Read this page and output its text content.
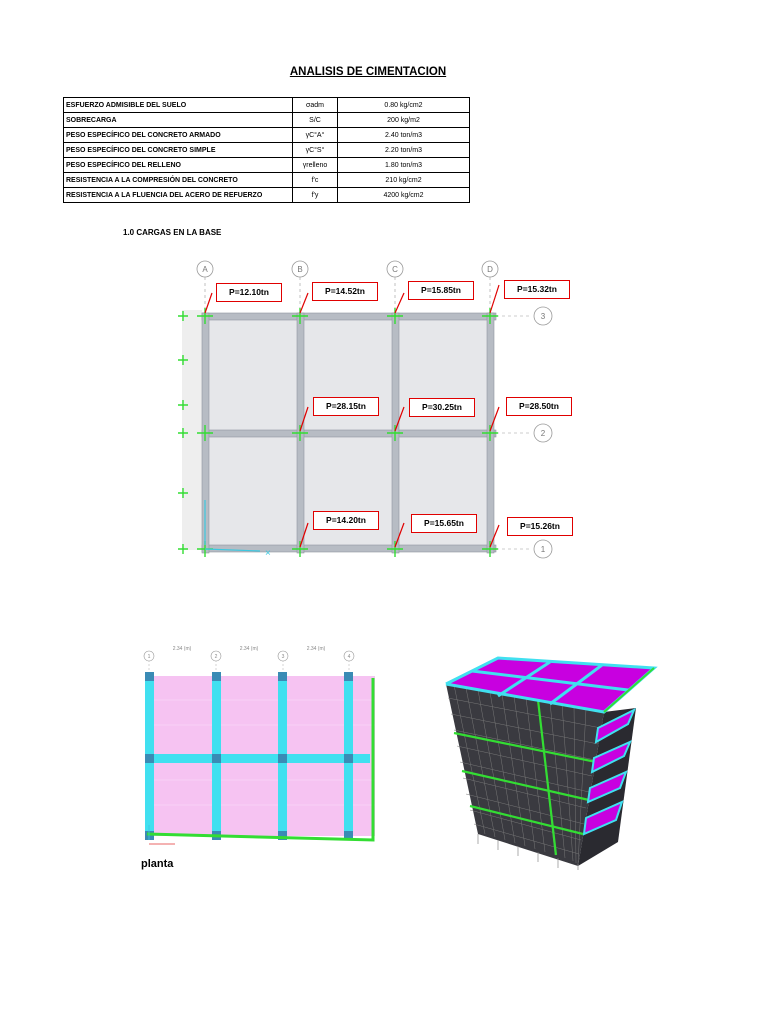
ANALISIS DE CIMENTACION
ESFUERZO ADMISIBLE DEL SUELO	σadm	0.80 kg/cm2
SOBRECARGA	S/C	200 kg/m2
PESO ESPECÍFICO DEL CONCRETO ARMADO	γC°A°	2.40 ton/m3
PESO ESPECÍFICO DEL CONCRETO SIMPLE	γC°S°	2.20 ton/m3
PESO ESPECÍFICO DEL RELLENO	γrelleno	1.80 ton/m3
RESISTENCIA A LA COMPRESIÓN DEL CONCRETO	f'c	210 kg/cm2
RESISTENCIA A LA FLUENCIA DEL ACERO DE REFUERZO	f'y	4200 kg/cm2
1.0 CARGAS EN LA BASE
A	B	C	D
3
2
1
×
P=12.10tn	P=14.52tn	P=15.85tn	P=15.32tn
P=28.15tn	P=30.25tn	P=28.50tn
P=14.20tn	P=15.65tn	P=15.26tn
1	2	3	4
2.34 (m)	2.34 (m)	2.34 (m)
planta
